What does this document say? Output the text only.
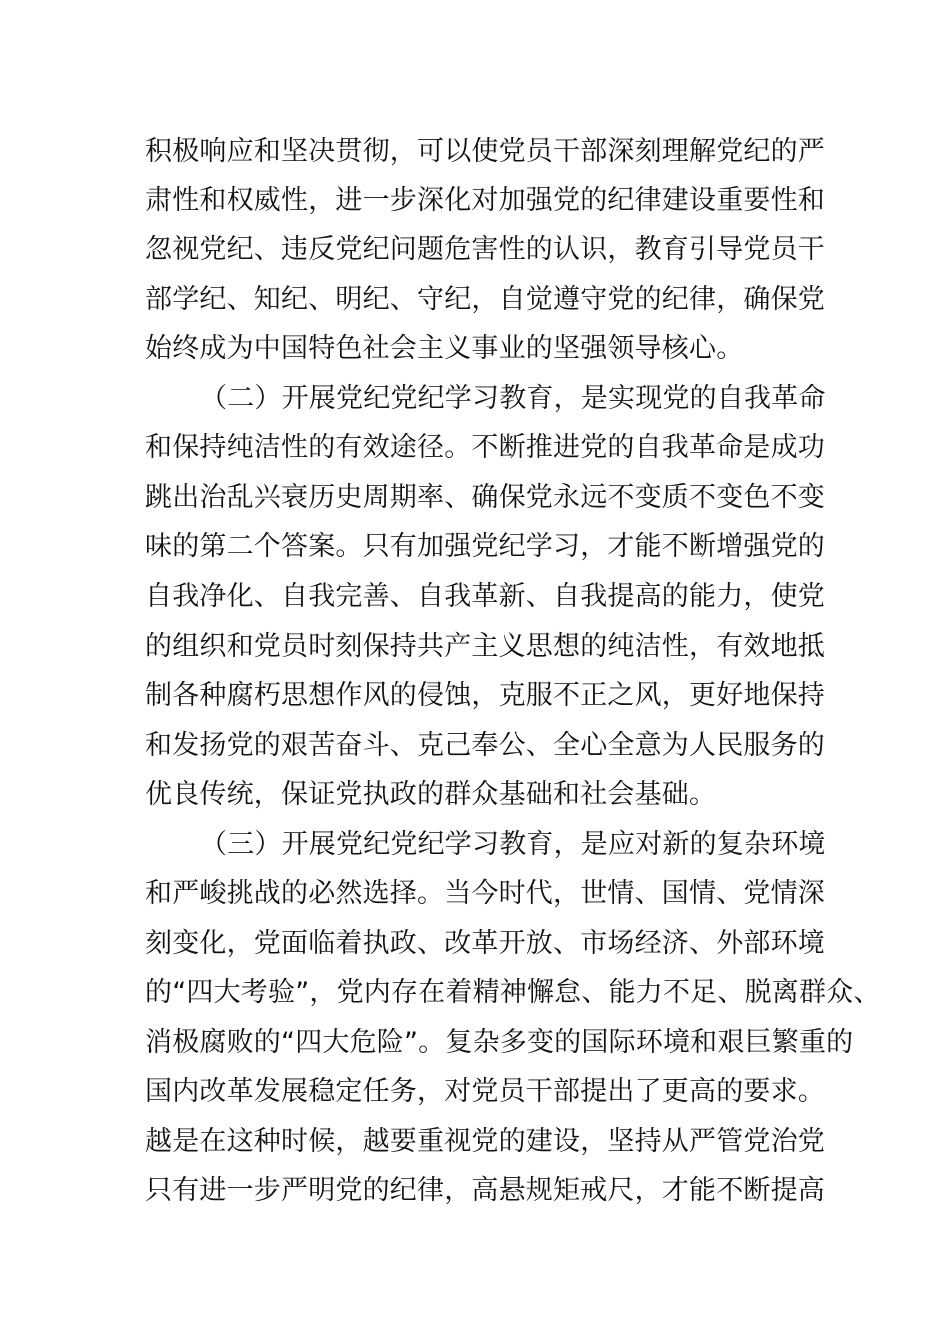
积极响应和坚决贯彻，可以使党员干部深刻理解党纪的严
肃性和权威性，进一步深化对加强党的纪律建设重要性和
忽视党纪、违反党纪问题危害性的认识，教育引导党员干
部学纪、知纪、明纪、守纪，自觉遵守党的纪律，确保党
始终成为中国特色社会主义事业的坚强领导核心。
（二）开展党纪党纪学习教育，是实现党的自我革命
和保持纯洁性的有效途径。不断推进党的自我革命是成功
跳出治乱兴衰历史周期率、确保党永远不变质不变色不变
味的第二个答案。只有加强党纪学习，才能不断增强党的
自我净化、自我完善、自我革新、自我提高的能力，使党
的组织和党员时刻保持共产主义思想的纯洁性，有效地抵
制各种腐朽思想作风的侵蚀，克服不正之风，更好地保持
和发扬党的艰苦奋斗、克己奉公、全心全意为人民服务的
优良传统，保证党执政的群众基础和社会基础。
（三）开展党纪党纪学习教育，是应对新的复杂环境
和严峻挑战的必然选择。当今时代，世情、国情、党情深
刻变化，党面临着执政、改革开放、市场经济、外部环境
的“四大考验”，党内存在着精神懈怠、能力不足、脱离群众、
消极腐败的“四大危险”。复杂多变的国际环境和艰巨繁重的
国内改革发展稳定任务，对党员干部提出了更高的要求。
越是在这种时候，越要重视党的建设，坚持从严管党治党
只有进一步严明党的纪律，高悬规矩戒尺，才能不断提高
